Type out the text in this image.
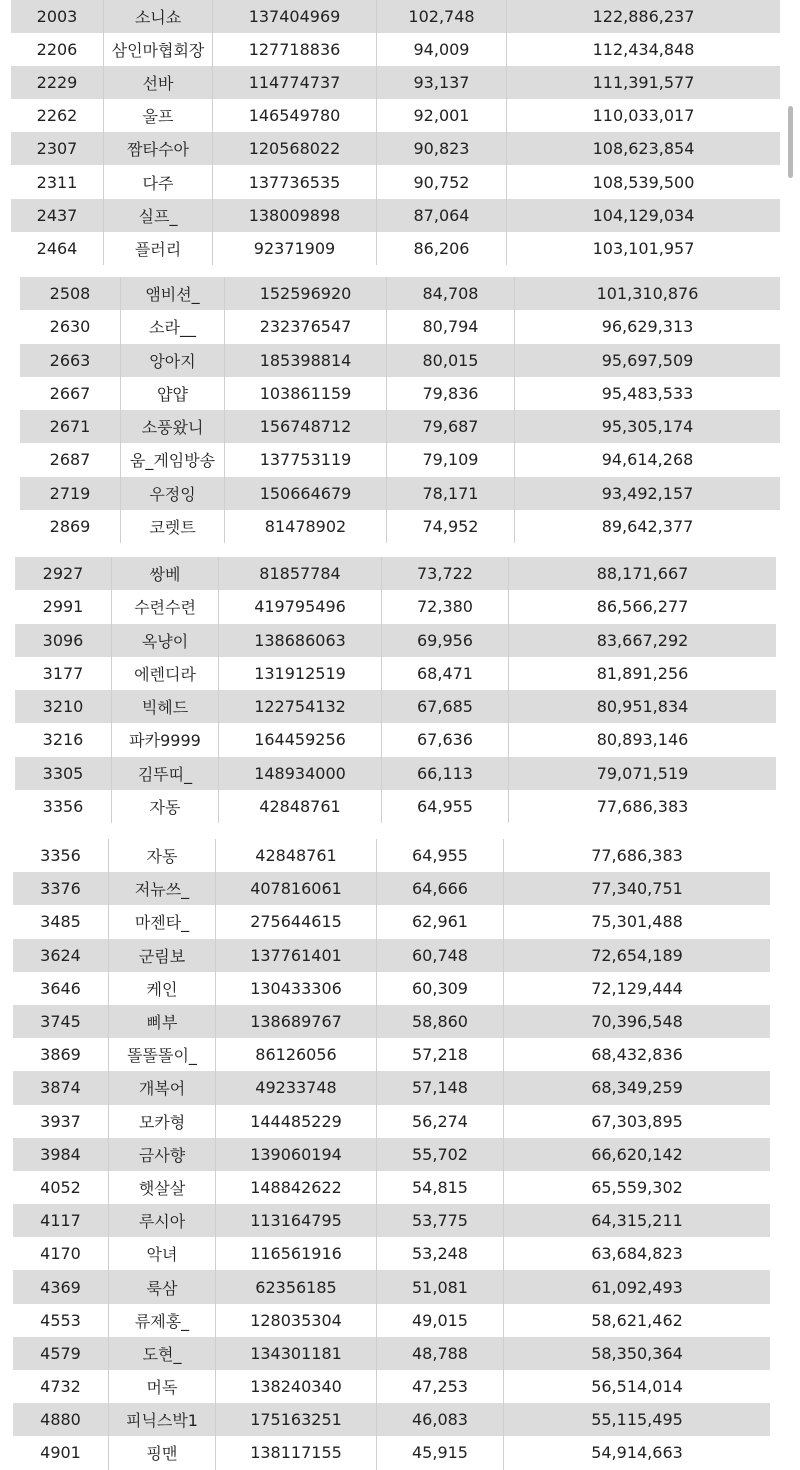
2003	소니쇼	137404969	102,748	122,886,237
2206	삼인마협회장	127718836	94,009	112,434,848
2229	선바	114774737	93,137	111,391,577
2262	울프	146549780	92,001	110,033,017
2307	짬타수아	120568022	90,823	108,623,854
2311	다주	137736535	90,752	108,539,500
2437	실프_	138009898	87,064	104,129,034
2464	플러리	92371909	86,206	103,101,957
2508	앰비션_	152596920	84,708	101,310,876
2630	소라__	232376547	80,794	96,629,313
2663	앙아지	185398814	80,015	95,697,509
2667	얍얍	103861159	79,836	95,483,533
2671	소풍왔니	156748712	79,687	95,305,174
2687	움_게임방송	137753119	79,109	94,614,268
2719	우정잉	150664679	78,171	93,492,157
2869	코렛트	81478902	74,952	89,642,377
2927	쌍베	81857784	73,722	88,171,667
2991	수련수련	419795496	72,380	86,566,277
3096	옥냥이	138686063	69,956	83,667,292
3177	에렌디라	131912519	68,471	81,891,256
3210	빅헤드	122754132	67,685	80,951,834
3216	파카9999	164459256	67,636	80,893,146
3305	김뚜띠_	148934000	66,113	79,071,519
3356	자동	42848761	64,955	77,686,383
3356	자동	42848761	64,955	77,686,383
3376	저뉴쓰_	407816061	64,666	77,340,751
3485	마젠타_	275644615	62,961	75,301,488
3624	군림보	137761401	60,748	72,654,189
3646	케인	130433306	60,309	72,129,444
3745	삐부	138689767	58,860	70,396,548
3869	똘똘똘이_	86126056	57,218	68,432,836
3874	개복어	49233748	57,148	68,349,259
3937	모카형	144485229	56,274	67,303,895
3984	금사향	139060194	55,702	66,620,142
4052	햇살살	148842622	54,815	65,559,302
4117	루시아	113164795	53,775	64,315,211
4170	악녀	116561916	53,248	63,684,823
4369	룩삼	62356185	51,081	61,092,493
4553	류제홍_	128035304	49,015	58,621,462
4579	도현_	134301181	48,788	58,350,364
4732	머독	138240340	47,253	56,514,014
4880	피닉스박1	175163251	46,083	55,115,495
4901	핑맨	138117155	45,915	54,914,663
